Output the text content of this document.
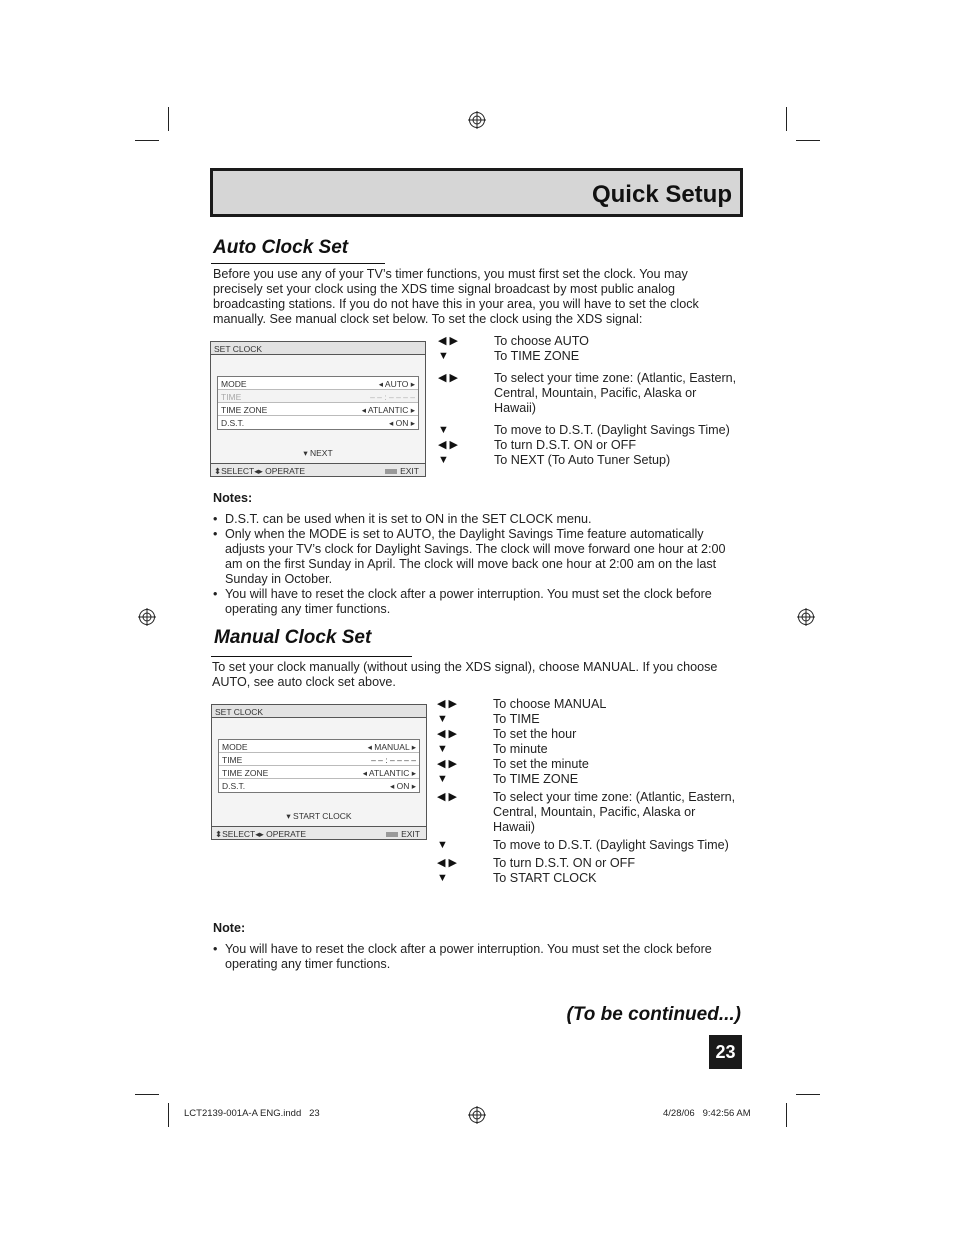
Quick Setup
Auto Clock Set
Before you use any of your TV’s timer functions, you must first set the clock. You may precisely set your clock using the XDS time signal broadcast by most public analog broadcasting stations. If you do not have this in your area, you will have to set the clock manually. See manual clock set below. To set the clock using the XDS signal:
SET CLOCK
MODE	◂ AUTO ▸
TIME	– – : – – – –
TIME ZONE	◂ ATLANTIC ▸
D.S.T.	◂ ON ▸
▾ NEXT
⬍SELECT◂▸ OPERATE	EXIT
◀ ▶	To choose AUTO
▼	To TIME ZONE
◀ ▶	To select your time zone: (Atlantic, Eastern, Central, Mountain, Pacific, Alaska or Hawaii)
▼	To move to D.S.T. (Daylight Savings Time)
◀ ▶	To turn D.S.T. ON or OFF
▼	To NEXT (To Auto Tuner Setup)
Notes:
• D.S.T. can be used when it is set to ON in the SET CLOCK menu.
• Only when the MODE is set to AUTO, the Daylight Savings Time feature automatically adjusts your TV’s clock for Daylight Savings. The clock will move forward one hour at 2:00 am on the first Sunday in April. The clock will move back one hour at 2:00 am on the last Sunday in October.
• You will have to reset the clock after a power interruption. You must set the clock before operating any timer functions.
Manual Clock Set
To set your clock manually (without using the XDS signal), choose MANUAL. If you choose AUTO, see auto clock set above.
SET CLOCK
MODE	◂ MANUAL ▸
TIME	– – : – – – –
TIME ZONE	◂ ATLANTIC ▸
D.S.T.	◂ ON ▸
▾ START CLOCK
⬍SELECT◂▸ OPERATE	EXIT
◀ ▶	To choose MANUAL
▼	To TIME
◀ ▶	To set the hour
▼	To minute
◀ ▶	To set the minute
▼	To TIME ZONE
◀ ▶	To select your time zone: (Atlantic, Eastern, Central, Mountain, Pacific, Alaska or Hawaii)
▼	To move to D.S.T. (Daylight Savings Time)
◀ ▶	To turn D.S.T. ON or OFF
▼	To START CLOCK
Note:
• You will have to reset the clock after a power interruption. You must set the clock before operating any timer functions.
(To be continued...)
23
LCT2139-001A-A ENG.indd   23	4/28/06   9:42:56 AM
